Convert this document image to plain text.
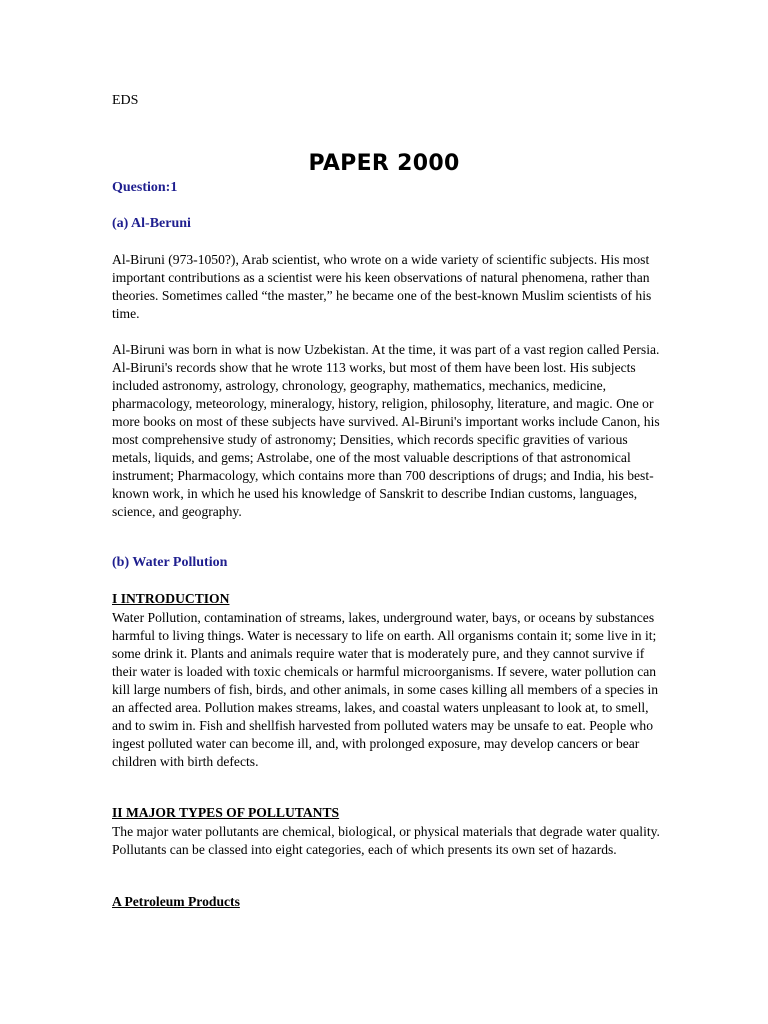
EDS
PAPER 2000
Question:1
(a) Al-Beruni

Al-Biruni (973-1050?), Arab scientist, who wrote on a wide variety of scientific subjects. His most important contributions as a scientist were his keen observations of natural phenomena, rather than theories. Sometimes called “the master,” he became one of the best-known Muslim scientists of his time.

Al-Biruni was born in what is now Uzbekistan. At the time, it was part of a vast region called Persia. Al-Biruni's records show that he wrote 113 works, but most of them have been lost. His subjects included astronomy, astrology, chronology, geography, mathematics, mechanics, medicine, pharmacology, meteorology, mineralogy, history, religion, philosophy, literature, and magic. One or more books on most of these subjects have survived. Al-Biruni's important works include Canon, his most comprehensive study of astronomy; Densities, which records specific gravities of various metals, liquids, and gems; Astrolabe, one of the most valuable descriptions of that astronomical instrument; Pharmacology, which contains more than 700 descriptions of drugs; and India, his best-known work, in which he used his knowledge of Sanskrit to describe Indian customs, languages, science, and geography.

(b) Water Pollution
I INTRODUCTION

Water Pollution, contamination of streams, lakes, underground water, bays, or oceans by substances harmful to living things. Water is necessary to life on earth. All organisms contain it; some live in it; some drink it. Plants and animals require water that is moderately pure, and they cannot survive if their water is loaded with toxic chemicals or harmful microorganisms. If severe, water pollution can kill large numbers of fish, birds, and other animals, in some cases killing all members of a species in an affected area. Pollution makes streams, lakes, and coastal waters unpleasant to look at, to smell, and to swim in. Fish and shellfish harvested from polluted waters may be unsafe to eat. People who ingest polluted water can become ill, and, with prolonged exposure, may develop cancers or bear children with birth defects.

II MAJOR TYPES OF POLLUTANTS

The major water pollutants are chemical, biological, or physical materials that degrade water quality. Pollutants can be classed into eight categories, each of which presents its own set of hazards.

A Petroleum Products
